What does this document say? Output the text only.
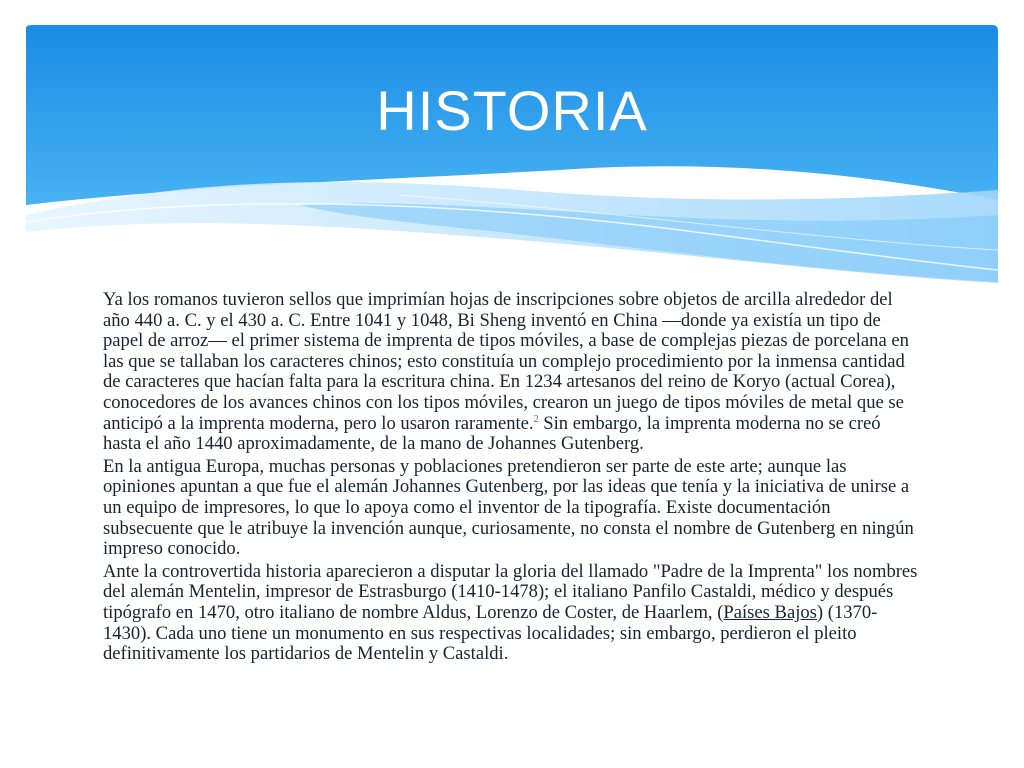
HISTORIA

Ya los romanos tuvieron sellos que imprimían hojas de inscripciones sobre objetos de arcilla alrededor del año 440 a. C. y el 430 a. C. Entre 1041 y 1048, Bi Sheng inventó en China —donde ya existía un tipo de papel de arroz— el primer sistema de imprenta de tipos móviles, a base de complejas piezas de porcelana en las que se tallaban los caracteres chinos; esto constituía un complejo procedimiento por la inmensa cantidad de caracteres que hacían falta para la escritura china. En 1234 artesanos del reino de Koryo (actual Corea), conocedores de los avances chinos con los tipos móviles, crearon un juego de tipos móviles de metal que se anticipó a la imprenta moderna, pero lo usaron raramente.$^2$ Sin embargo, la imprenta moderna no se creó hasta el año 1440 aproximadamente, de la mano de Johannes Gutenberg.

En la antigua Europa, muchas personas y poblaciones pretendieron ser parte de este arte; aunque las opiniones apuntan a que fue el alemán Johannes Gutenberg, por las ideas que tenía y la iniciativa de unirse a un equipo de impresores, lo que lo apoya como el inventor de la tipografía. Existe documentación subsecuente que le atribuye la invención aunque, curiosamente, no consta el nombre de Gutenberg en ningún impreso conocido.

Ante la controvertida historia aparecieron a disputar la gloria del llamado "Padre de la Imprenta" los nombres del alemán Mentelin, impresor de Estrasburgo (1410-1478); el italiano Panfilo Castaldi, médico y después tipógrafo en 1470, otro italiano de nombre Aldus, Lorenzo de Coster, de Haarlem, (Países Bajos) (1370-1430). Cada uno tiene un monumento en sus respectivas localidades; sin embargo, perdieron el pleito definitivamente los partidarios de Mentelin y Castaldi.
